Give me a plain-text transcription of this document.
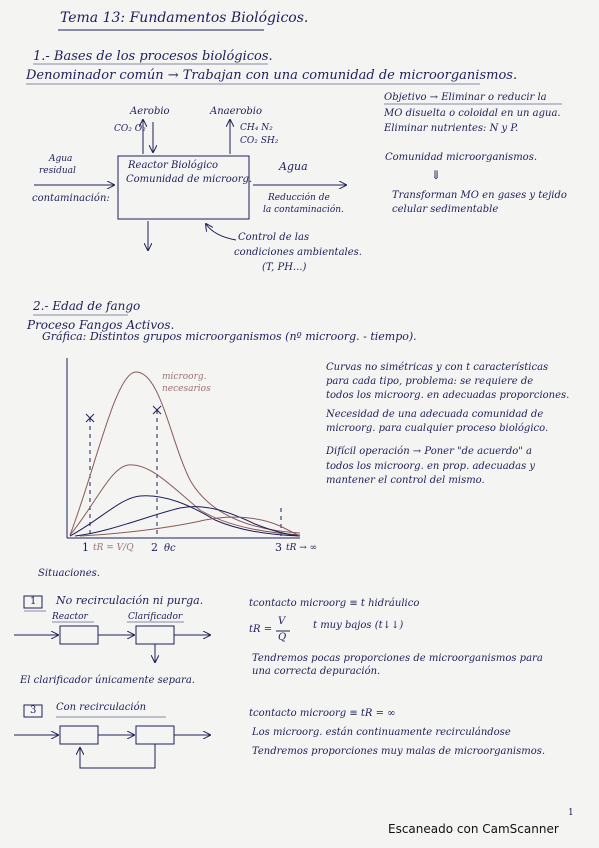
Tema 13: Fundamentos Biológicos.
1.- Bases de los procesos biológicos.
Denominador común → Trabajan con una comunidad de microorganismos.
Aerobio
CO₂ O₂
Anaerobio
CH₄ N₂
CO₂ SH₂
Agua
residual
contaminación:
Reactor Biológico
Comunidad de microorg.
Agua
Reducción de
la contaminación.
Control de las
condiciones ambientales.
(T, PH...)
Objetivo → Eliminar o reducir la
MO disuelta o coloidal en un agua.
Eliminar nutrientes: N y P.
Comunidad microorganismos.
⇓
Transforman MO en gases y tejido
celular sedimentable
2.- Edad de fango
Proceso Fangos Activos.
Gráfica: Distintos grupos microorganismos (nº microorg. - tiempo).
microorg.
necesarios
1 tR = V/Q 2 θc	3 tR → ∞
Curvas no simétricas y con t características
para cada tipo, problema: se requiere de
todos los microorg. en adecuadas proporciones.
Necesidad de una adecuada comunidad de
microorg. para cualquier proceso biológico.
Difícil operación → Poner "de acuerdo" a
todos los microorg. en prop. adecuadas y
mantener el control del mismo.
Situaciones.
1 No recirculación ni purga.
Reactor	Clarificador
El clarificador únicamente separa.
tcontacto microorg ≡ t hidráulico
tR =
V
Q
t muy bajos (t↓↓)
Tendremos pocas proporciones de microorganismos para
una correcta depuración.
3 Con recirculación
tcontacto microorg ≡ tR = ∞
Los microorg. están continuamente recirculándose
Tendremos proporciones muy malas de microorganismos.
1
Escaneado con CamScanner
